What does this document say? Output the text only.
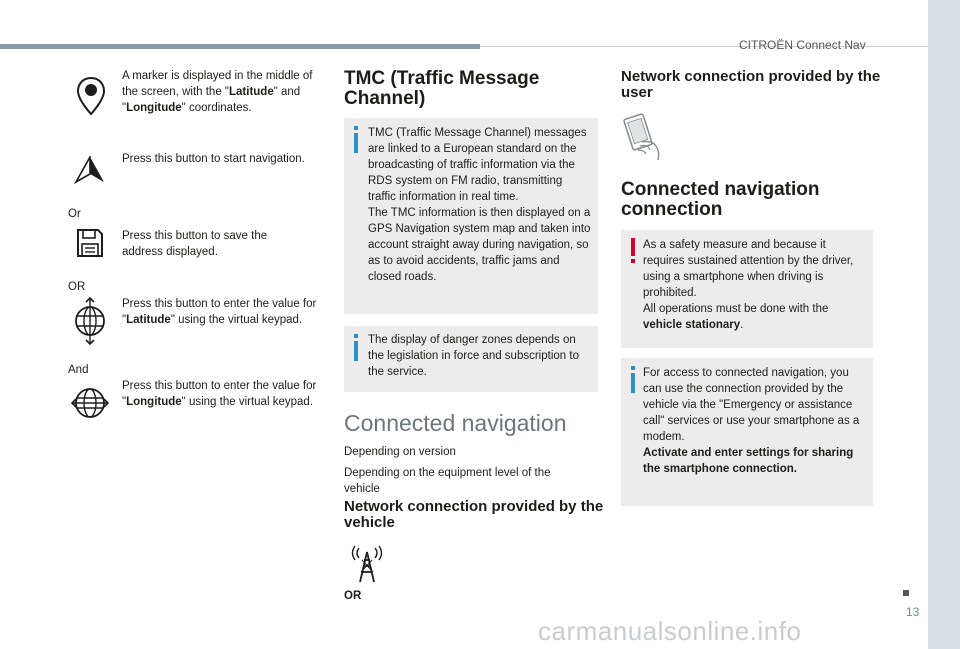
CITROËN Connect Nav
13
carmanualsonline.info
A marker is displayed in the middle of the screen, with the "Latitude" and "Longitude" coordinates.
Press this button to start navigation.
Or
Press this button to save the address displayed.
OR
Press this button to enter the value for "Latitude" using the virtual keypad.
And
Press this button to enter the value for "Longitude" using the virtual keypad.
TMC (Traffic Message Channel)
TMC (Traffic Message Channel) messages are linked to a European standard on the broadcasting of traffic information via the RDS system on FM radio, transmitting traffic information in real time.
The TMC information is then displayed on a GPS Navigation system map and taken into account straight away during navigation, so as to avoid accidents, traffic jams and closed roads.
The display of danger zones depends on the legislation in force and subscription to the service.
Connected navigation
Depending on version
Depending on the equipment level of the vehicle
Network connection provided by the vehicle
OR
Network connection provided by the user
Connected navigation connection
As a safety measure and because it requires sustained attention by the driver, using a smartphone when driving is prohibited.
All operations must be done with the vehicle stationary.
For access to connected navigation, you can use the connection provided by the vehicle via the "Emergency or assistance call" services or use your smartphone as a modem.
Activate and enter settings for sharing the smartphone connection.
